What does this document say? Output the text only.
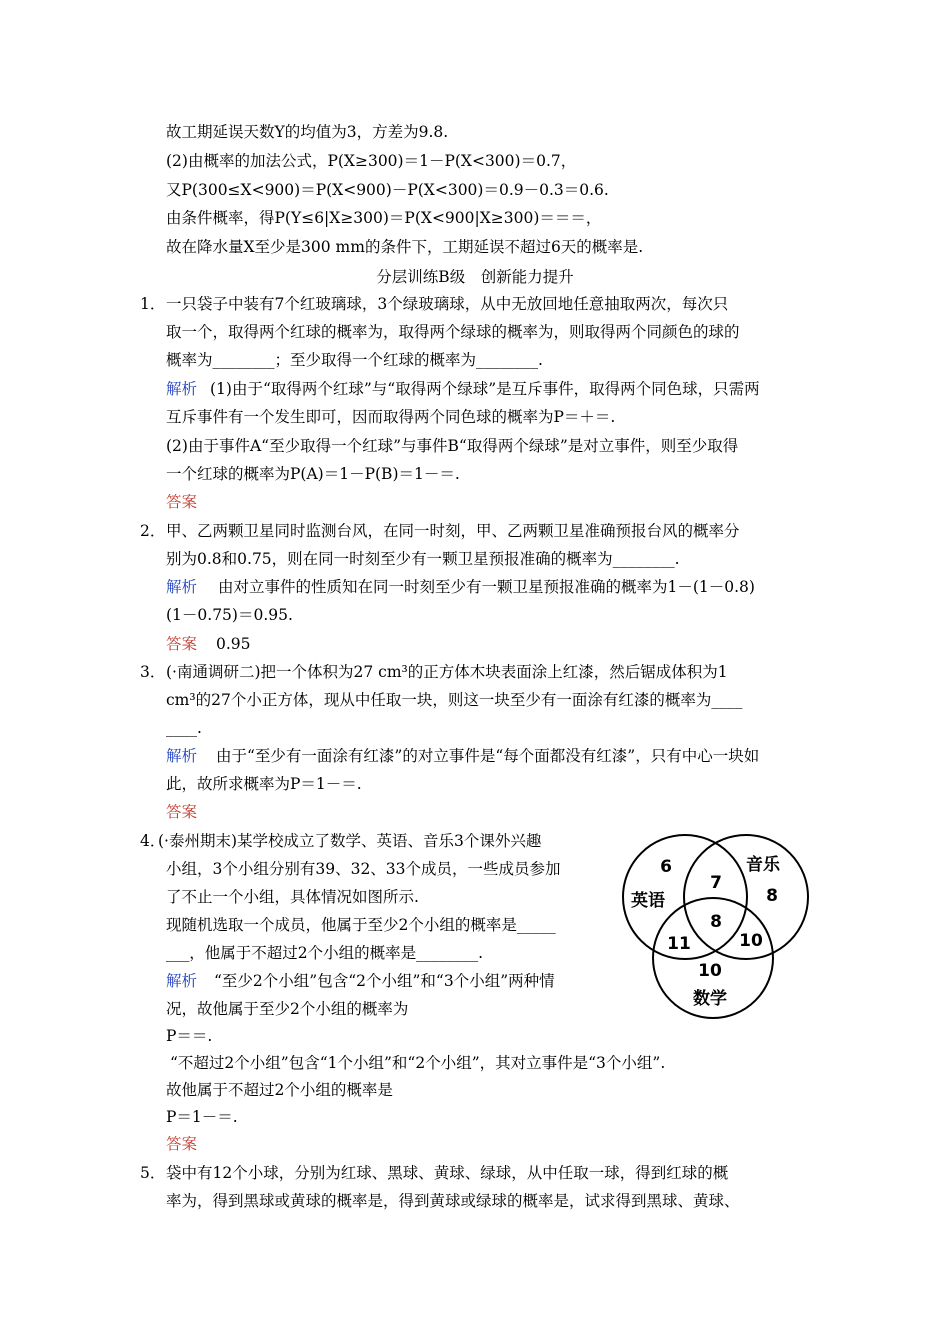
故工期延误天数Y的均值为3，方差为9.8.
(2)由概率的加法公式，P(X≥300)＝1－P(X<300)＝0.7，
又P(300≤X<900)＝P(X<900)－P(X<300)＝0.9－0.3＝0.6.
由条件概率，得P(Y≤6|X≥300)＝P(X<900|X≥300)＝＝＝，
故在降水量X至少是300 mm的条件下，工期延误不超过6天的概率是.
分层训练B级　创新能力提升
1． 一只袋子中装有7个红玻璃球，3个绿玻璃球，从中无放回地任意抽取两次，每次只
取一个，取得两个红球的概率为，取得两个绿球的概率为，则取得两个同颜色的球的
概率为________；至少取得一个红球的概率为________.
解析 (1)由于“取得两个红球”与“取得两个绿球”是互斥事件，取得两个同色球，只需两
互斥事件有一个发生即可，因而取得两个同色球的概率为P＝＋＝.
(2)由于事件A“至少取得一个红球”与事件B“取得两个绿球”是对立事件，则至少取得
一个红球的概率为P(A)＝1－P(B)＝1－＝.
答案
2． 甲、乙两颗卫星同时监测台风，在同一时刻，甲、乙两颗卫星准确预报台风的概率分
别为0.8和0.75，则在同一时刻至少有一颗卫星预报准确的概率为________.
解析 由对立事件的性质知在同一时刻至少有一颗卫星预报准确的概率为1－(1－0.8)
(1－0.75)＝0.95.
答案 0.95
3． (·南通调研二)把一个体积为27 cm³的正方体木块表面涂上红漆，然后锯成体积为1
cm³的27个小正方体，现从中任取一块，则这一块至少有一面涂有红漆的概率为____
____.
解析 由于“至少有一面涂有红漆”的对立事件是“每个面都没有红漆”，只有中心一块如
此，故所求概率为P＝1－＝.
答案
4．
(·泰州期末)某学校成立了数学、英语、音乐3个课外兴趣
小组，3个小组分别有39、32、33个成员，一些成员参加
了不止一个小组，具体情况如图所示.
现随机选取一个成员，他属于至少2个小组的概率是_____
___，他属于不超过2个小组的概率是________.
解析 “至少2个小组”包含“2个小组”和“3个小组”两种情
况，故他属于至少2个小组的概率为
P＝＝.
“不超过2个小组”包含“1个小组”和“2个小组”，其对立事件是“3个小组”.
故他属于不超过2个小组的概率是
P＝1－＝.
答案
6
英语
音乐
8
7
8
11	10
10
数学
5． 袋中有12个小球，分别为红球、黑球、黄球、绿球，从中任取一球，得到红球的概
率为，得到黑球或黄球的概率是，得到黄球或绿球的概率是，试求得到黑球、黄球、
